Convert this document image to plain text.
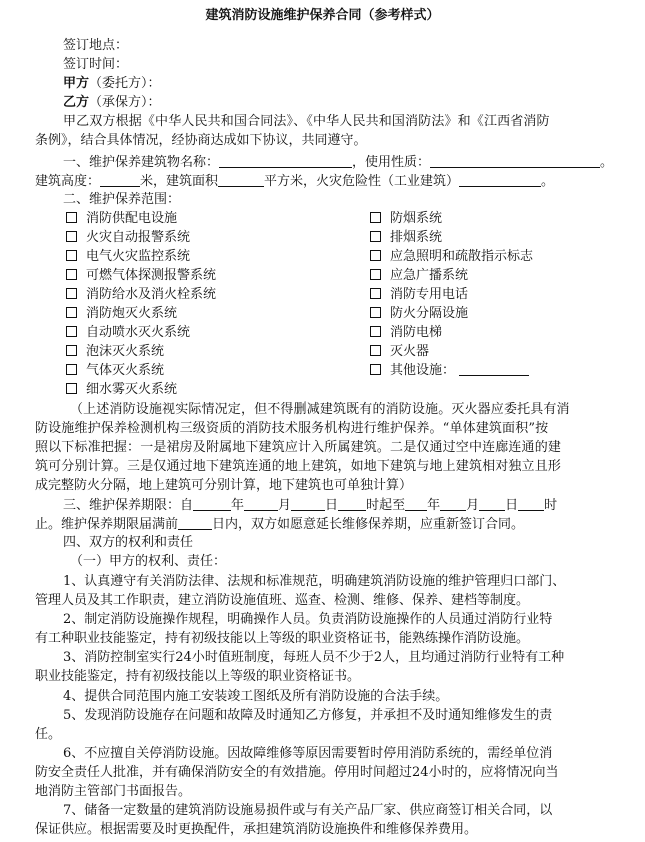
建筑消防设施维护保养合同（参考样式）
签订地点：
签订时间：
甲方（委托方）：
乙方（承保方）：
甲乙双方根据《中华人民共和国合同法》、《中华人民共和国消防法》和《江西省消防
条例》，结合具体情况，经协商达成如下协议，共同遵守。
一、维护保养建筑物名称：	，使用性质：	。
建筑高度：	米，建筑面积	平方米，火灾危险性（工业建筑）	。
二、维护保养范围：
消防供配电设施
火灾自动报警系统
电气火灾监控系统
可燃气体探测报警系统
消防给水及消火栓系统
消防炮灭火系统
自动喷水灭火系统
泡沫灭火系统
气体灭火系统
细水雾灭火系统
防烟系统
排烟系统
应急照明和疏散指示标志
应急广播系统
消防专用电话
防火分隔设施
消防电梯
灭火器
其他设施：
（上述消防设施视实际情况定，但不得删减建筑既有的消防设施。灭火器应委托具有消
防设施维护保养检测机构三级资质的消防技术服务机构进行维护保养。“单体建筑面积”按
照以下标准把握：一是裙房及附属地下建筑应计入所属建筑。二是仅通过空中连廊连通的建
筑可分别计算。三是仅通过地下建筑连通的地上建筑，如地下建筑与地上建筑相对独立且形
成完整防火分隔，地上建筑可分别计算，地下建筑也可单独计算）
三、维护保养期限：自	年	月	日 时起至 年 月 日 时
止。维护保养期限届满前	日内，双方如愿意延长维修保养期，应重新签订合同。
四、双方的权利和责任
（一）甲方的权利、责任：
1、认真遵守有关消防法律、法规和标准规范，明确建筑消防设施的维护管理归口部门、
管理人员及其工作职责，建立消防设施值班、巡查、检测、维修、保养、建档等制度。
2、制定消防设施操作规程，明确操作人员。负责消防设施操作的人员通过消防行业特
有工种职业技能鉴定，持有初级技能以上等级的职业资格证书，能熟练操作消防设施。
3、消防控制室实行24小时值班制度，每班人员不少于2人，且均通过消防行业特有工种
职业技能鉴定，持有初级技能以上等级的职业资格证书。
4、提供合同范围内施工安装竣工图纸及所有消防设施的合法手续。
5、发现消防设施存在问题和故障及时通知乙方修复，并承担不及时通知维修发生的责
任。
6、不应擅自关停消防设施。因故障维修等原因需要暂时停用消防系统的，需经单位消
防安全责任人批准，并有确保消防安全的有效措施。停用时间超过24小时的，应将情况向当
地消防主管部门书面报告。
7、储备一定数量的建筑消防设施易损件或与有关产品厂家、供应商签订相关合同，以
保证供应。根据需要及时更换配件，承担建筑消防设施换件和维修保养费用。
